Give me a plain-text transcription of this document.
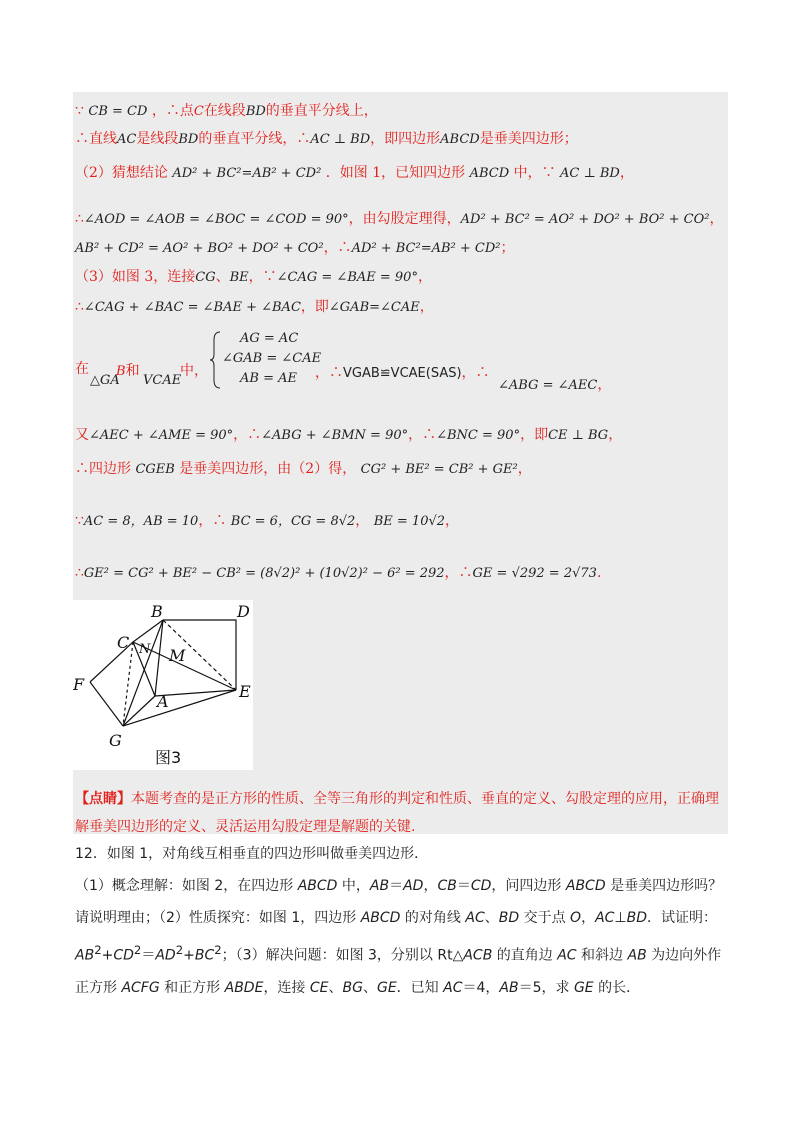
∵ CB = CD ，∴点C在线段BD的垂直平分线上，
∴直线AC是线段BD的垂直平分线，∴AC ⊥ BD，即四边形ABCD是垂美四边形；
（2）猜想结论 AD² + BC²=AB² + CD² ．如图 1，已知四边形 ABCD 中，∵ AC ⊥ BD，
∴∠AOD = ∠AOB = ∠BOC = ∠COD = 90°，由勾股定理得，AD² + BC² = AO² + DO² + BO² + CO²，
AB² + CD² = AO² + BO² + DO² + CO²，∴AD² + BC²=AB² + CD²；
（3）如图 3，连接CG、BE，∵∠CAG = ∠BAE = 90°，
∴∠CAG + ∠BAC = ∠BAE + ∠BAC，即∠GAB=∠CAE，
在 B和
△GA VCAE
中，
AG = AC
∠GAB = ∠CAE
AB = AE ，∴VGAB≌VCAE(SAS)，∴
∠ABG = ∠AEC，
又∠AEC + ∠AME = 90°，∴∠ABG + ∠BMN = 90°，∴∠BNC = 90°，即CE ⊥ BG，
∴四边形 CGEB 是垂美四边形，由（2）得， CG² + BE² = CB² + GE²，
∵AC = 8，AB = 10，∴ BC = 6，CG = 8√2， BE = 10√2，
∴GE² = CG² + BE² − CB² = (8√2)² + (10√2)² − 6² = 292，∴GE = √292 = 2√73.
B	D
C N M
F
A
E
G
图3
【点睛】本题考查的是正方形的性质、全等三角形的判定和性质、垂直的定义、勾股定理的应用，正确理解垂美四边形的定义、灵活运用勾股定理是解题的关键.
12．如图 1，对角线互相垂直的四边形叫做垂美四边形．
（1）概念理解：如图 2，在四边形 ABCD 中，AB＝AD，CB＝CD，问四边形 ABCD 是垂美四边形吗？请说明理由；（2）性质探究：如图 1，四边形 ABCD 的对角线 AC、BD 交于点 O，AC⊥BD．试证明：$AB^2+CD^2=AD^2+BC^2$；（3）解决问题：如图 3，分别以 Rt△ACB 的直角边 AC 和斜边 AB 为边向外作正方形 ACFG 和正方形 ABDE，连接 CE、BG、GE．已知 AC＝4，AB＝5，求 GE 的长．
